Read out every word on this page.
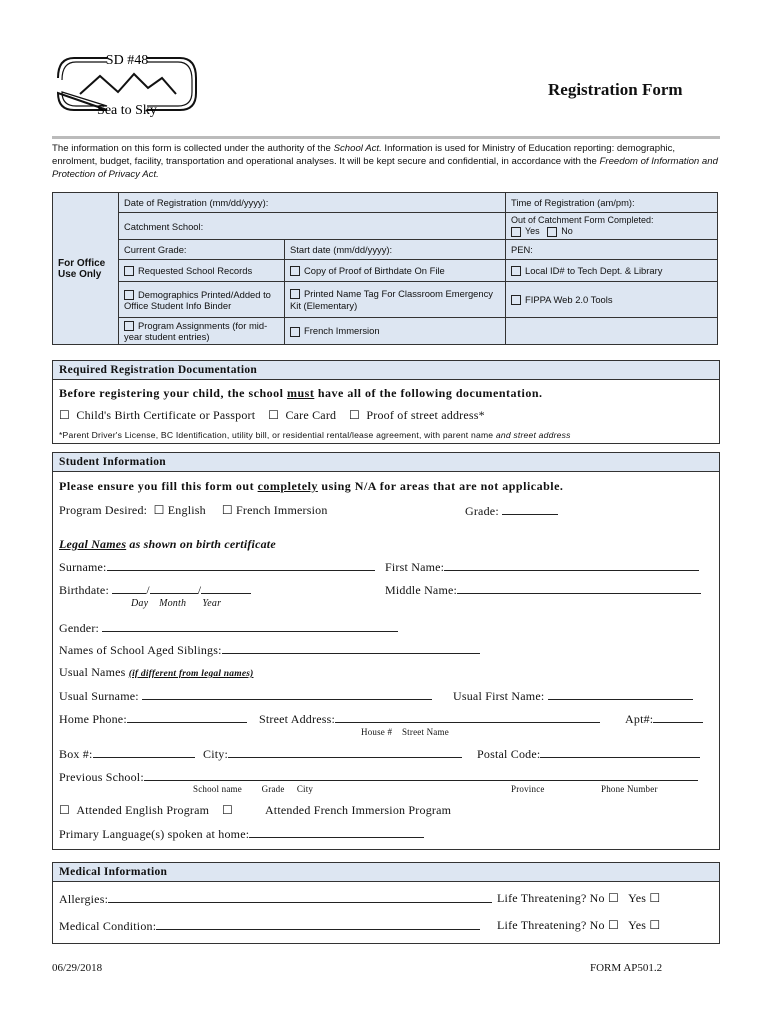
SD #48
Sea to Sky
Registration Form
The information on this form is collected under the authority of the School Act. Information is used for Ministry of Education reporting: demographic, enrolment, budget, facility, transportation and operational analyses. It will be kept secure and confidential, in accordance with the Freedom of Information and Protection of Privacy Act.
For Office Use Only	Date of Registration (mm/dd/yyyy):		Time of Registration (am/pm):
	Catchment School:		Out of Catchment Form Completed:
Yes No
	Current Grade:	Start date (mm/dd/yyyy):	PEN:
	Requested School Records	Copy of Proof of Birthdate On File	Local ID# to Tech Dept. & Library

Demographics Printed/Added to Office Student Info Binder	Printed Name Tag For Classroom Emergency Kit (Elementary)	FIPPA Web 2.0 Tools

Program Assignments (for mid-year student entries)	French Immersion	
Required Registration Documentation
Before registering your child, the school must have all of the following documentation.
☐ Child's Birth Certificate or Passport ☐ Care Card ☐ Proof of street address*
*Parent Driver's License, BC Identification, utility bill, or residential rental/lease agreement, with parent name and street address
Student Information
Please ensure you fill this form out completely using N/A for areas that are not applicable.
Program Desired: ☐ English ☐ French Immersion	Grade:
Legal Names as shown on birth certificate
Surname:	First Name:
Birthdate:	/	/
Day Month Year
Middle Name:
Gender:
Names of School Aged Siblings:
Usual Names (if different from legal names)
Usual Surname:	Usual First Name:
Home Phone:	Street Address:	Apt#:
House # Street Name
Box #:	City:	Postal Code:
Previous School:
School name Grade City	Province	Phone Number
☐ Attended English Program ☐	Attended French Immersion Program
Primary Language(s) spoken at home:
Medical Information
Allergies:	Life Threatening? No ☐ Yes ☐
Medical Condition:	Life Threatening? No ☐ Yes ☐
06/29/2018	FORM AP501.2
